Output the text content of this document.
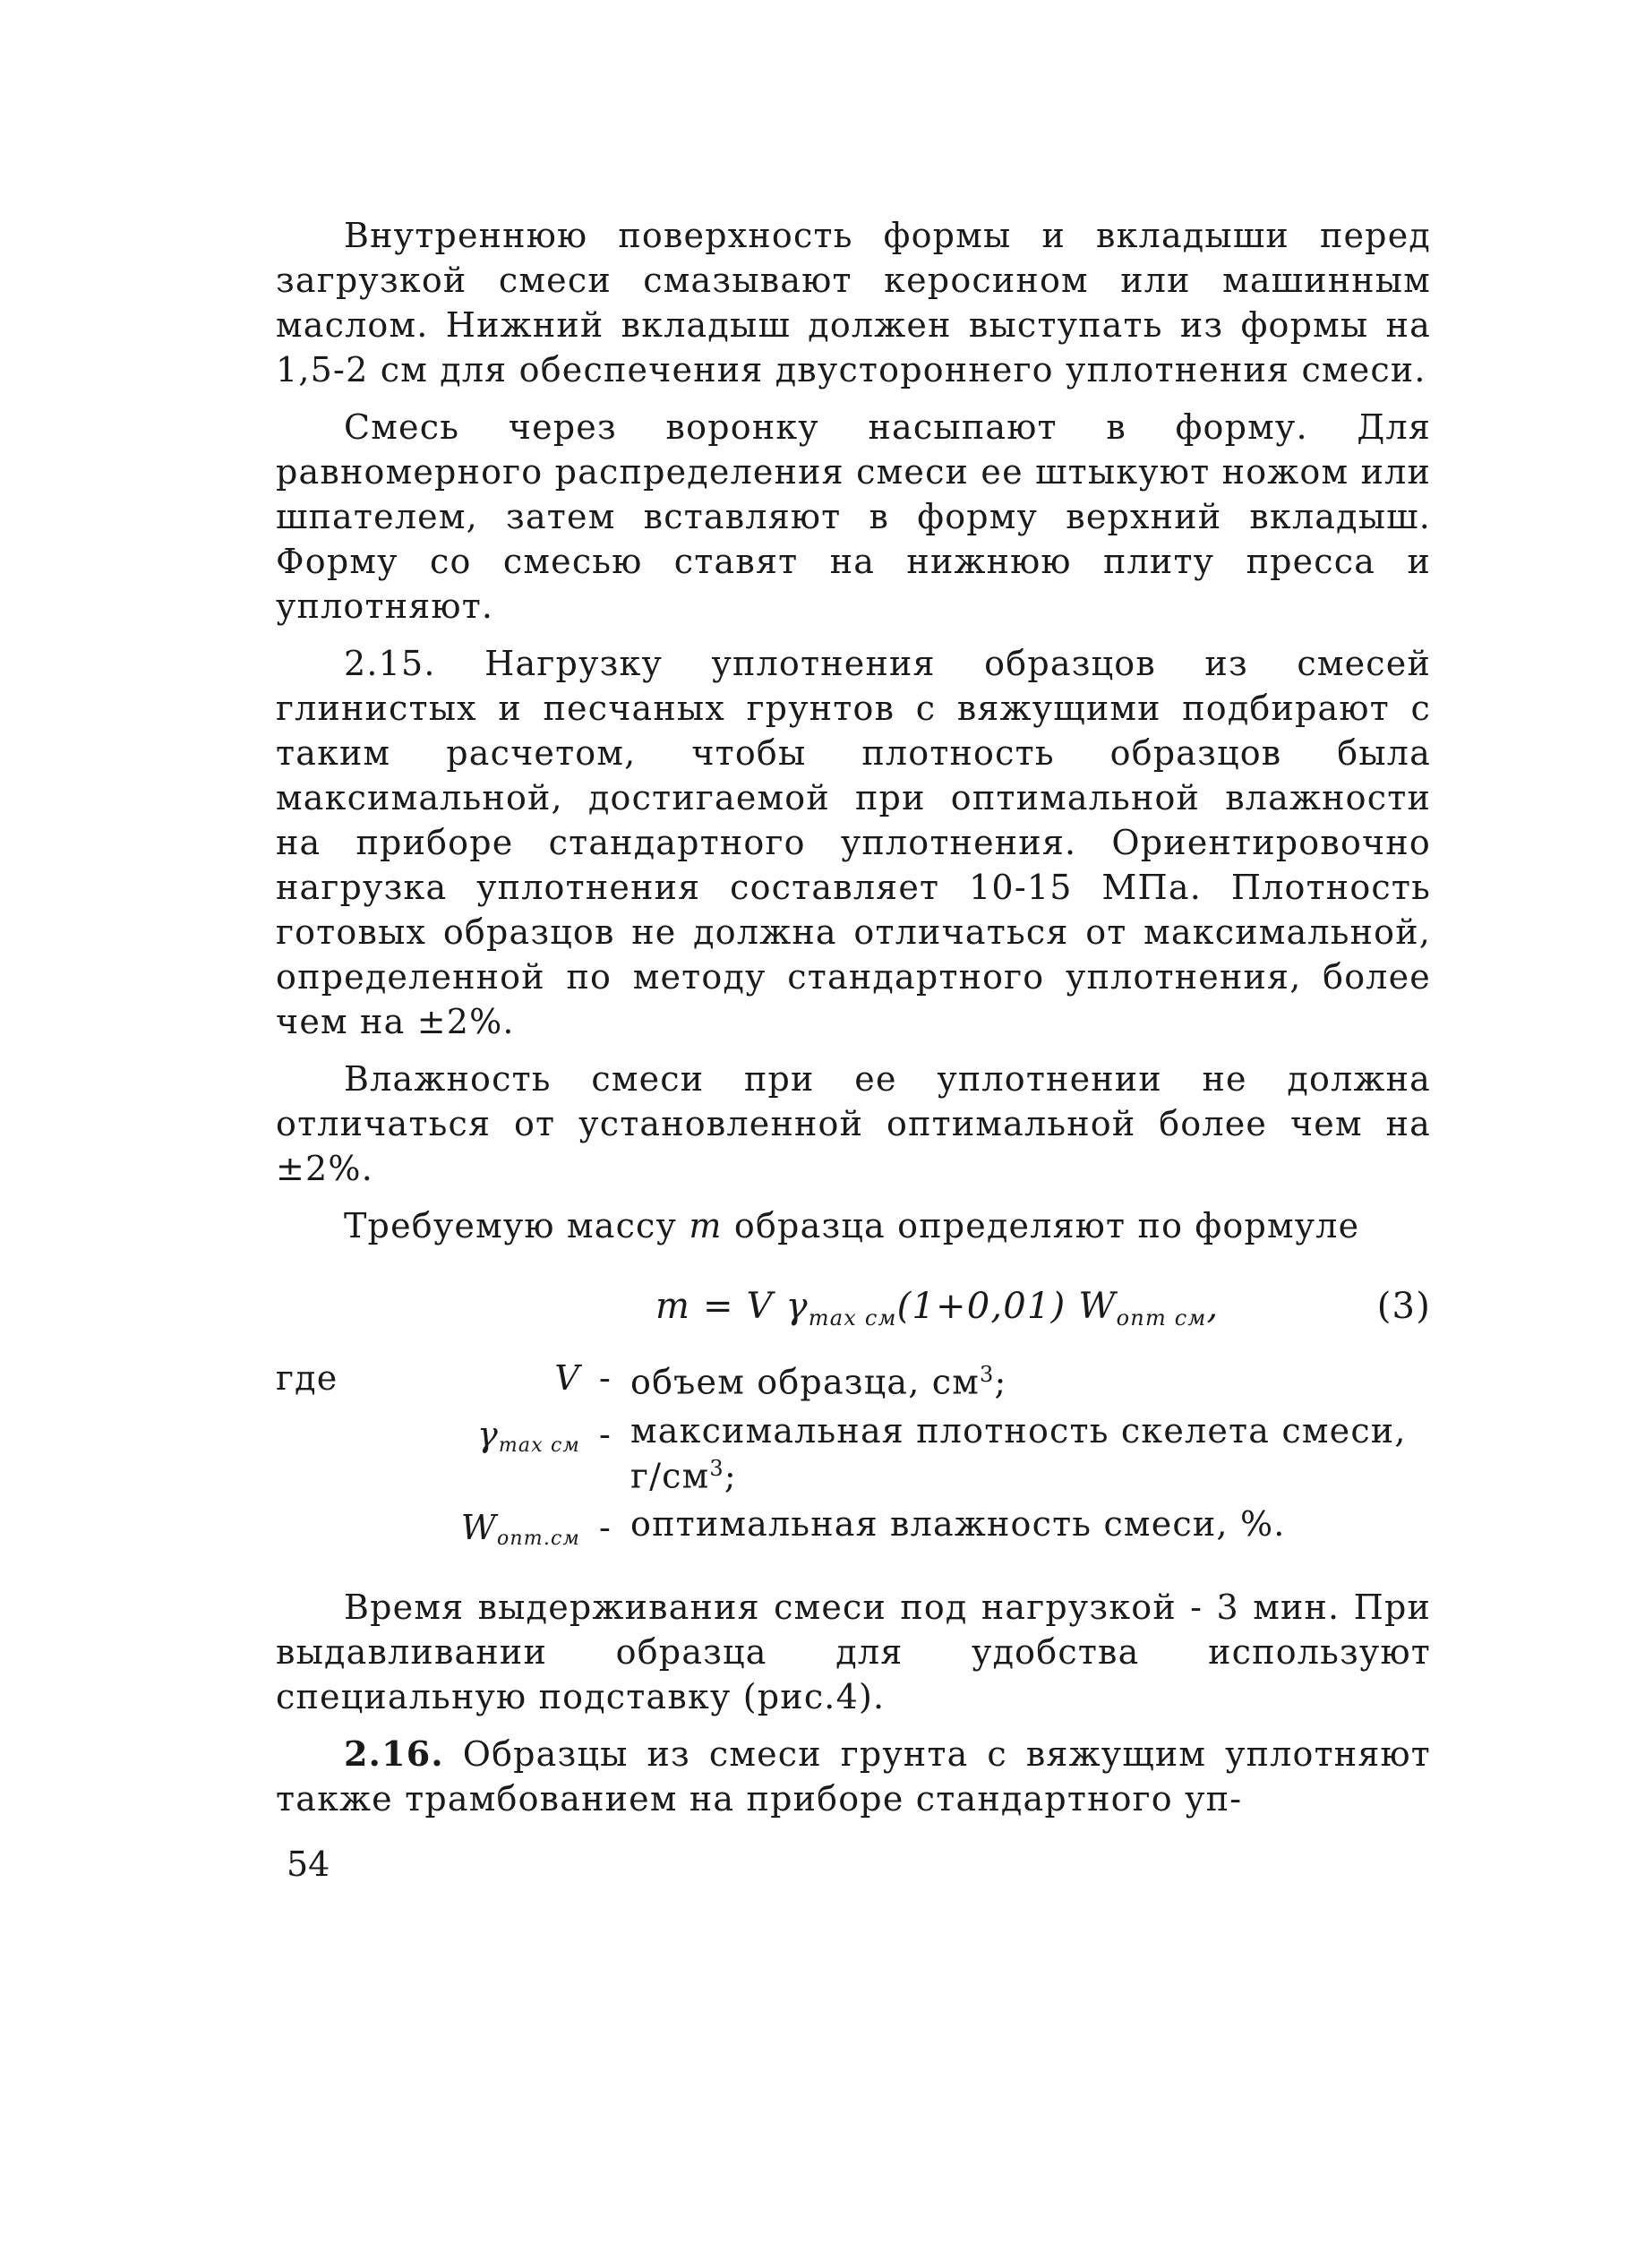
Внутреннюю поверхность формы и вкладыши перед загрузкой смеси смазывают керосином или машинным маслом. Нижний вкладыш должен выступать из формы на 1,5-2 см для обеспечения двустороннего уплотнения смеси.

Смесь через воронку насыпают в форму. Для равномерного распределения смеси ее штыкуют ножом или шпателем, затем вставляют в форму верхний вкладыш. Форму со смесью ставят на нижнюю плиту пресса и уплотняют.

2.15. Нагрузку уплотнения образцов из смесей глинистых и песчаных грунтов с вяжущими подбирают с таким расчетом, чтобы плотность образцов была максимальной, достигаемой при оптимальной влажности на приборе стандартного уплотнения. Ориентировочно нагрузка уплотнения составляет 10-15 МПа. Плотность готовых образцов не должна отличаться от максимальной, определенной по методу стандартного уплотнения, более чем на ±2%.

Влажность смеси при ее уплотнении не должна отличаться от установленной оптимальной более чем на ±2%.

Требуемую массу m образца определяют по формуле

m = V $\gamma_{max см}(1+0,01)$ $W_{опт см}$,	(3)
где	V - объем образца, $см^3$;
$\gamma_{max см}$ - максимальная плотность скелета смеси, $г/см^3$;
$W_{опт.см}$ - оптимальная влажность смеси, %.

Время выдерживания смеси под нагрузкой - 3 мин. При выдавливании образца для удобства используют специальную подставку (рис.4).

2.16. Образцы из смеси грунта с вяжущим уплотняют также трамбованием на приборе стандартного уп-

54
